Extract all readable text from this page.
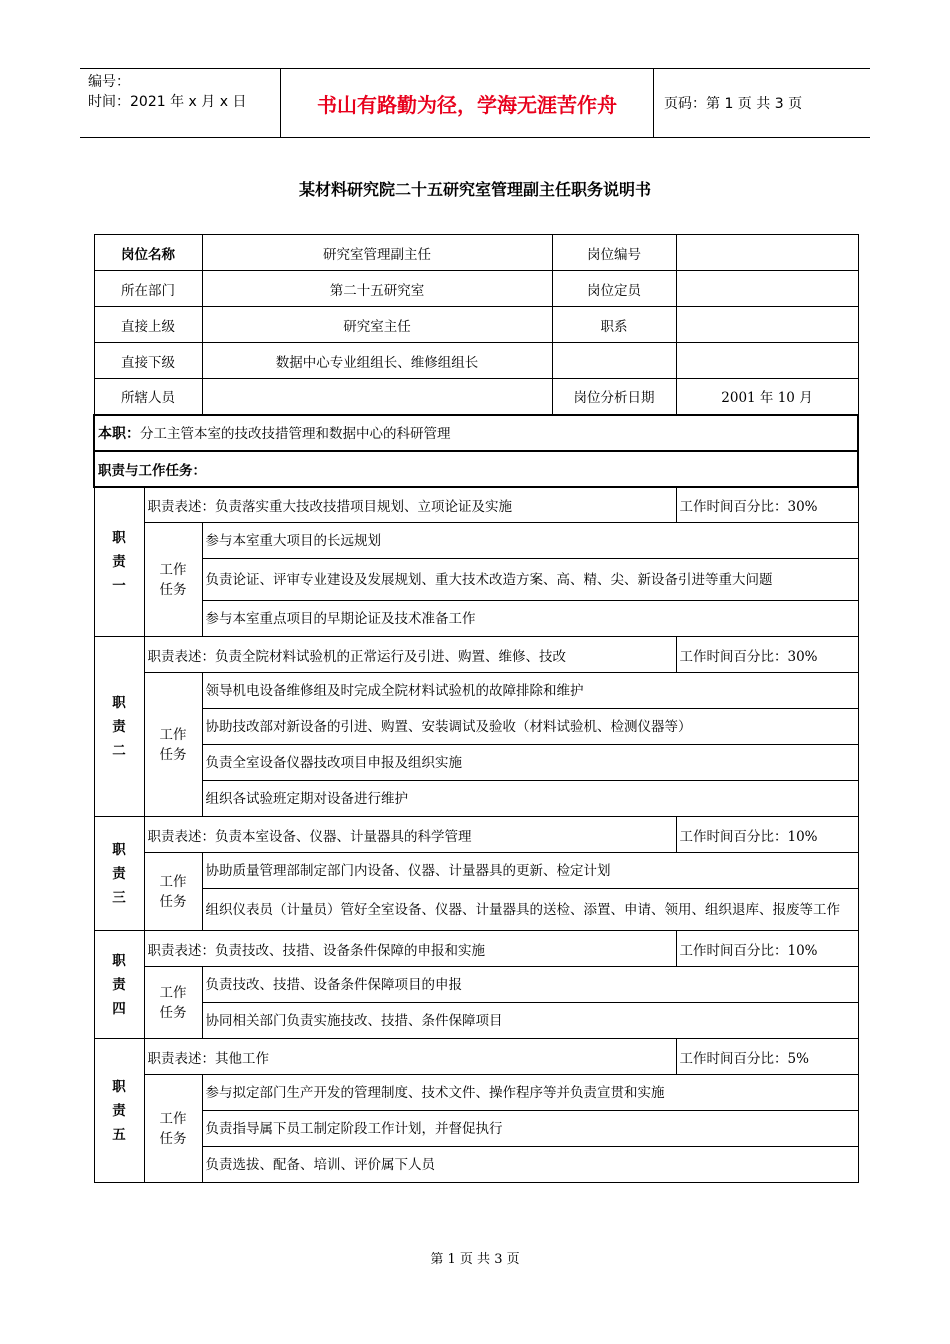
编号：
时间：2021 年 x 月 x 日	书山有路勤为径，学海无涯苦作舟	页码：第 1 页 共 3 页
某材料研究院二十五研究室管理副主任职务说明书
岗位名称		研究室管理副主任	岗位编号	
所在部门		第二十五研究室	岗位定员	
直接上级		研究室主任	职系	
直接下级		数据中心专业组组长、维修组组长		
所辖人员			岗位分析日期	2001 年 10 月
本职：分工主管本室的技改技措管理和数据中心的科研管理				
职责与工作任务：				

职
责
一	职责表述：负责落实重大技改技措项目规划、立项论证及实施			工作时间百分比：30%

	工作
任务	参与本室重大项目的长远规划		
		负责论证、评审专业建设及发展规划、重大技术改造方案、高、精、尖、新设备引进等重大问题		
		参与本室重点项目的早期论证及技术准备工作		

职
责
二	职责表述：负责全院材料试验机的正常运行及引进、购置、维修、技改			工作时间百分比：30%

	工作
任务	领导机电设备维修组及时完成全院材料试验机的故障排除和维护		
		协助技改部对新设备的引进、购置、安装调试及验收（材料试验机、检测仪器等）		
		负责全室设备仪器技改项目申报及组织实施		
		组织各试验班定期对设备进行维护		

职
责
三	职责表述：负责本室设备、仪器、计量器具的科学管理			工作时间百分比：10%

	工作
任务	协助质量管理部制定部门内设备、仪器、计量器具的更新、检定计划		
		组织仪表员（计量员）管好全室设备、仪器、计量器具的送检、添置、申请、领用、组织退库、报废等工作		

职
责
四	职责表述：负责技改、技措、设备条件保障的申报和实施			工作时间百分比：10%

	工作
任务	负责技改、技措、设备条件保障项目的申报		
		协同相关部门负责实施技改、技措、条件保障项目		

职
责
五	职责表述：其他工作			工作时间百分比：5%

	工作
任务	参与拟定部门生产开发的管理制度、技术文件、操作程序等并负责宣贯和实施		
		负责指导属下员工制定阶段工作计划，并督促执行		
		负责选拔、配备、培训、评价属下人员		
第 1 页 共 3 页
